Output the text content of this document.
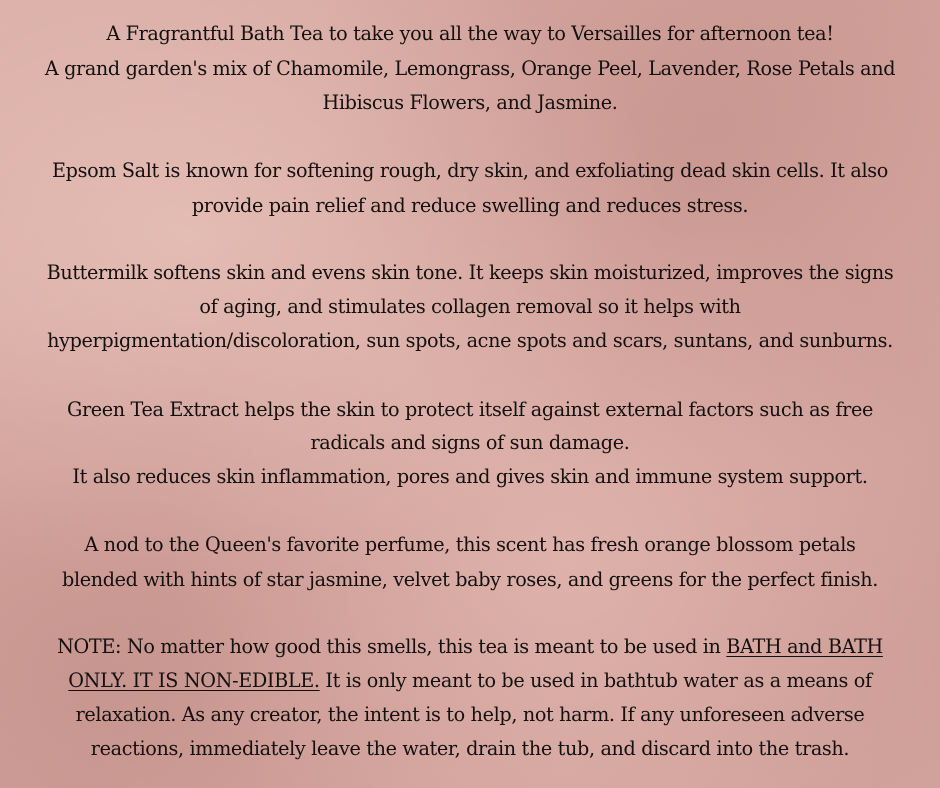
A Fragrantful Bath Tea to take you all the way to Versailles for afternoon tea!
A grand garden's mix of Chamomile, Lemongrass, Orange Peel, Lavender, Rose Petals and
Hibiscus Flowers, and Jasmine.
Epsom Salt is known for softening rough, dry skin, and exfoliating dead skin cells. It also
provide pain relief and reduce swelling and reduces stress.
Buttermilk softens skin and evens skin tone. It keeps skin moisturized, improves the signs
of aging, and stimulates collagen removal so it helps with
hyperpigmentation/discoloration, sun spots, acne spots and scars, suntans, and sunburns.
Green Tea Extract helps the skin to protect itself against external factors such as free
radicals and signs of sun damage.
It also reduces skin inflammation, pores and gives skin and immune system support.
A nod to the Queen's favorite perfume, this scent has fresh orange blossom petals
blended with hints of star jasmine, velvet baby roses, and greens for the perfect finish.
NOTE: No matter how good this smells, this tea is meant to be used in BATH and BATH
ONLY. IT IS NON-EDIBLE. It is only meant to be used in bathtub water as a means of
relaxation. As any creator, the intent is to help, not harm. If any unforeseen adverse
reactions, immediately leave the water, drain the tub, and discard into the trash.
